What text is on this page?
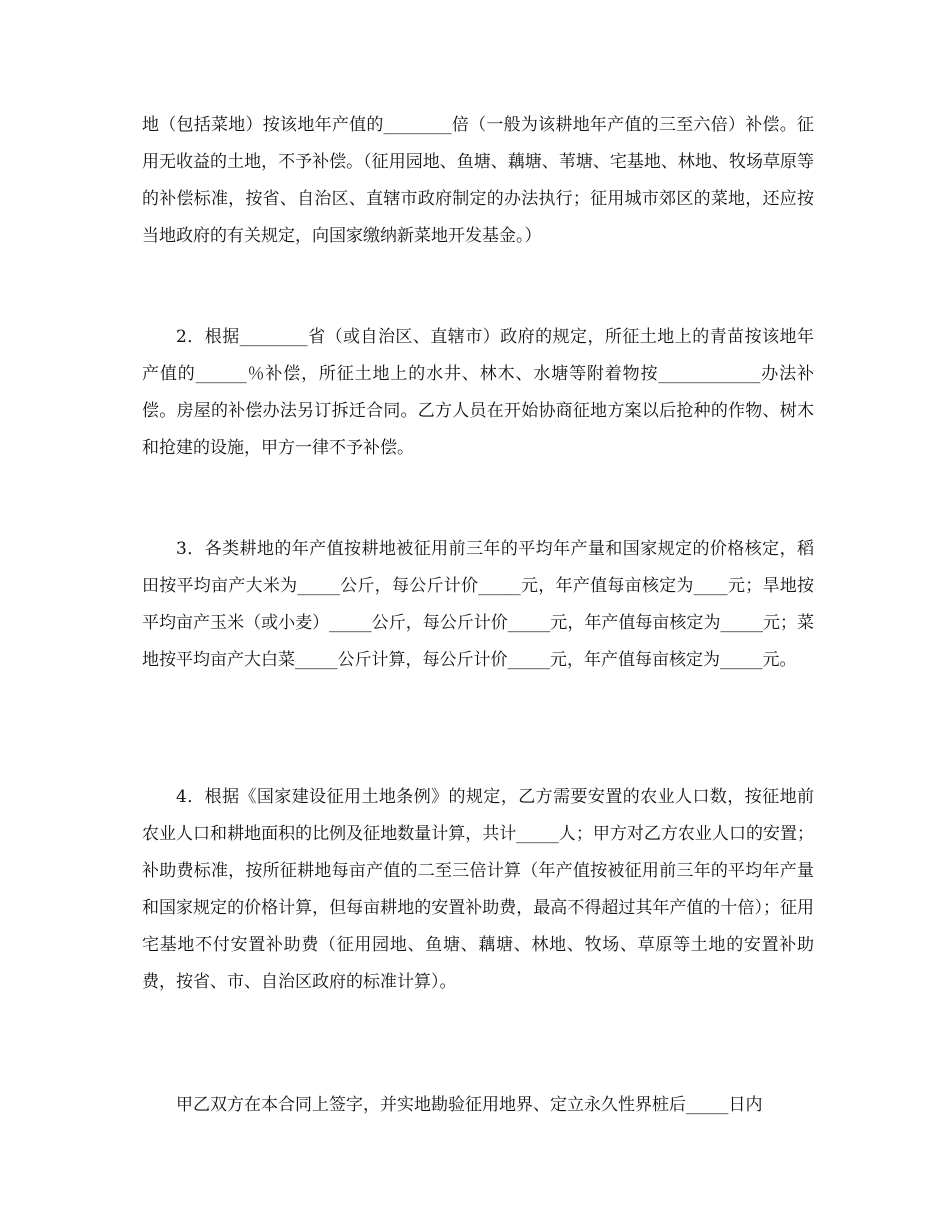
地（包括菜地）按该地年产值的________倍（一般为该耕地年产值的三至六倍）补偿。征用无收益的土地，不予补偿。（征用园地、鱼塘、藕塘、苇塘、宅基地、林地、牧场草原等的补偿标准，按省、自治区、直辖市政府制定的办法执行；征用城市郊区的菜地，还应按当地政府的有关规定，向国家缴纳新菜地开发基金。）

2．根据________省（或自治区、直辖市）政府的规定，所征土地上的青苗按该地年产值的______％补偿，所征土地上的水井、林木、水塘等附着物按____________办法补偿。房屋的补偿办法另订拆迁合同。乙方人员在开始协商征地方案以后抢种的作物、树木和抢建的设施，甲方一律不予补偿。

3．各类耕地的年产值按耕地被征用前三年的平均年产量和国家规定的价格核定，稻田按平均亩产大米为_____公斤，每公斤计价_____元，年产值每亩核定为____元；旱地按平均亩产玉米（或小麦）_____公斤，每公斤计价_____元，年产值每亩核定为_____元；菜地按平均亩产大白菜_____公斤计算，每公斤计价_____元，年产值每亩核定为_____元。

4．根据《国家建设征用土地条例》的规定，乙方需要安置的农业人口数，按征地前农业人口和耕地面积的比例及征地数量计算，共计_____人；甲方对乙方农业人口的安置；补助费标准，按所征耕地每亩产值的二至三倍计算（年产值按被征用前三年的平均年产量和国家规定的价格计算，但每亩耕地的安置补助费，最高不得超过其年产值的十倍）；征用宅基地不付安置补助费（征用园地、鱼塘、藕塘、林地、牧场、草原等土地的安置补助费，按省、市、自治区政府的标准计算）。

甲乙双方在本合同上签字，并实地勘验征用地界、定立永久性界桩后_____日内
